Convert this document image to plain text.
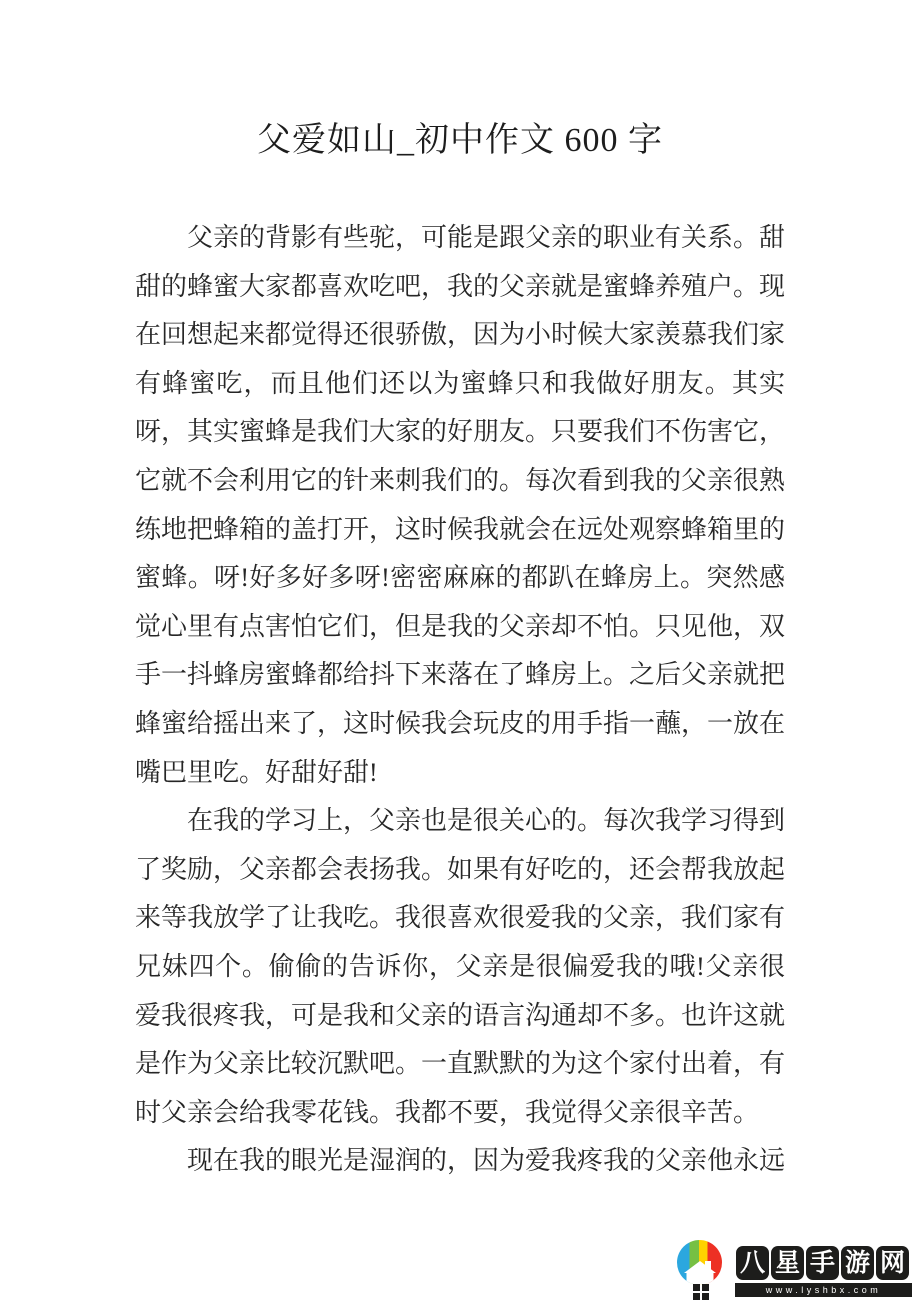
父爱如山_初中作文 600 字

父亲的背影有些驼，可能是跟父亲的职业有关系。甜甜的蜂蜜大家都喜欢吃吧，我的父亲就是蜜蜂养殖户。现在回想起来都觉得还很骄傲，因为小时候大家羡慕我们家有蜂蜜吃，而且他们还以为蜜蜂只和我做好朋友。其实呀，其实蜜蜂是我们大家的好朋友。只要我们不伤害它，它就不会利用它的针来刺我们的。每次看到我的父亲很熟练地把蜂箱的盖打开，这时候我就会在远处观察蜂箱里的蜜蜂。呀!好多好多呀!密密麻麻的都趴在蜂房上。突然感觉心里有点害怕它们，但是我的父亲却不怕。只见他，双手一抖蜂房蜜蜂都给抖下来落在了蜂房上。之后父亲就把蜂蜜给摇出来了，这时候我会玩皮的用手指一蘸，一放在嘴巴里吃。好甜好甜!

在我的学习上，父亲也是很关心的。每次我学习得到了奖励，父亲都会表扬我。如果有好吃的，还会帮我放起来等我放学了让我吃。我很喜欢很爱我的父亲，我们家有兄妹四个。偷偷的告诉你，父亲是很偏爱我的哦!父亲很爱我很疼我，可是我和父亲的语言沟通却不多。也许这就是作为父亲比较沉默吧。一直默默的为这个家付出着，有时父亲会给我零花钱。我都不要，我觉得父亲很辛苦。

现在我的眼光是湿润的，因为爱我疼我的父亲他永远

八 星 手 游 网
www.lyshbx.com
